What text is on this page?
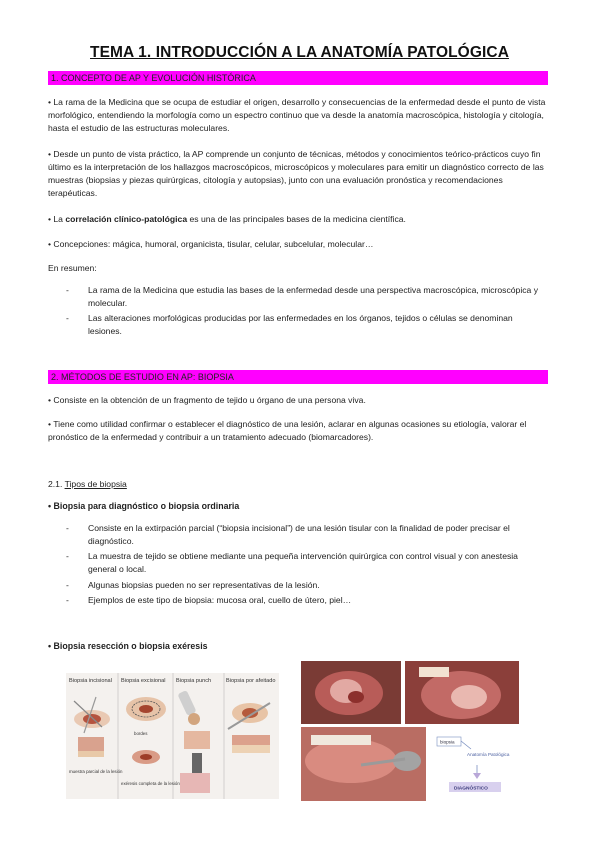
TEMA 1. INTRODUCCIÓN A LA ANATOMÍA PATOLÓGICA
1. CONCEPTO DE AP Y EVOLUCIÓN HISTÓRICA
• La rama de la Medicina que se ocupa de estudiar el origen, desarrollo y consecuencias de la enfermedad desde el punto de vista morfológico, entendiendo la morfología como un espectro continuo que va desde la anatomía macroscópica, histología y citología, hasta el estudio de las estructuras moleculares.
• Desde un punto de vista práctico, la AP comprende un conjunto de técnicas, métodos y conocimientos teórico-prácticos cuyo fin último es la interpretación de los hallazgos macroscópicos, microscópicos y moleculares para emitir un diagnóstico correcto de las muestras (biopsias y piezas quirúrgicas, citología y autopsias), junto con una evaluación pronóstica y recomendaciones terapéuticas.
• La correlación clínico-patológica es una de las principales bases de la medicina científica.
• Concepciones: mágica, humoral, organicista, tisular, celular, subcelular, molecular…
En resumen:
- La rama de la Medicina que estudia las bases de la enfermedad desde una perspectiva macroscópica, microscópica y molecular.
- Las alteraciones morfológicas producidas por las enfermedades en los órganos, tejidos o células se denominan lesiones.
2. MÉTODOS DE ESTUDIO EN AP: BIOPSIA
• Consiste en la obtención de un fragmento de tejido u órgano de una persona viva.
• Tiene como utilidad confirmar o establecer el diagnóstico de una lesión, aclarar en algunas ocasiones su etiología, valorar el pronóstico de la enfermedad y contribuir a un tratamiento adecuado (biomarcadores).
2.1. Tipos de biopsia
• Biopsia para diagnóstico o biopsia ordinaria
- Consiste en la extirpación parcial (“biopsia incisional”) de una lesión tisular con la finalidad de poder precisar el diagnóstico.
- La muestra de tejido se obtiene mediante una pequeña intervención quirúrgica con control visual y con anestesia general o local.
- Algunas biopsias pueden no ser representativas de la lesión.
- Ejemplos de este tipo de biopsia: mucosa oral, cuello de útero, piel…
• Biopsia resección o biopsia exéresis
Biopsia incisional Biopsia excisional Biopsia punch	Biopsia por afeitado
muestra parcial de la lesión
bordes
exéresis completa de la lesión
biopsia
Anatomía Patológica
DIAGNÓSTICO
